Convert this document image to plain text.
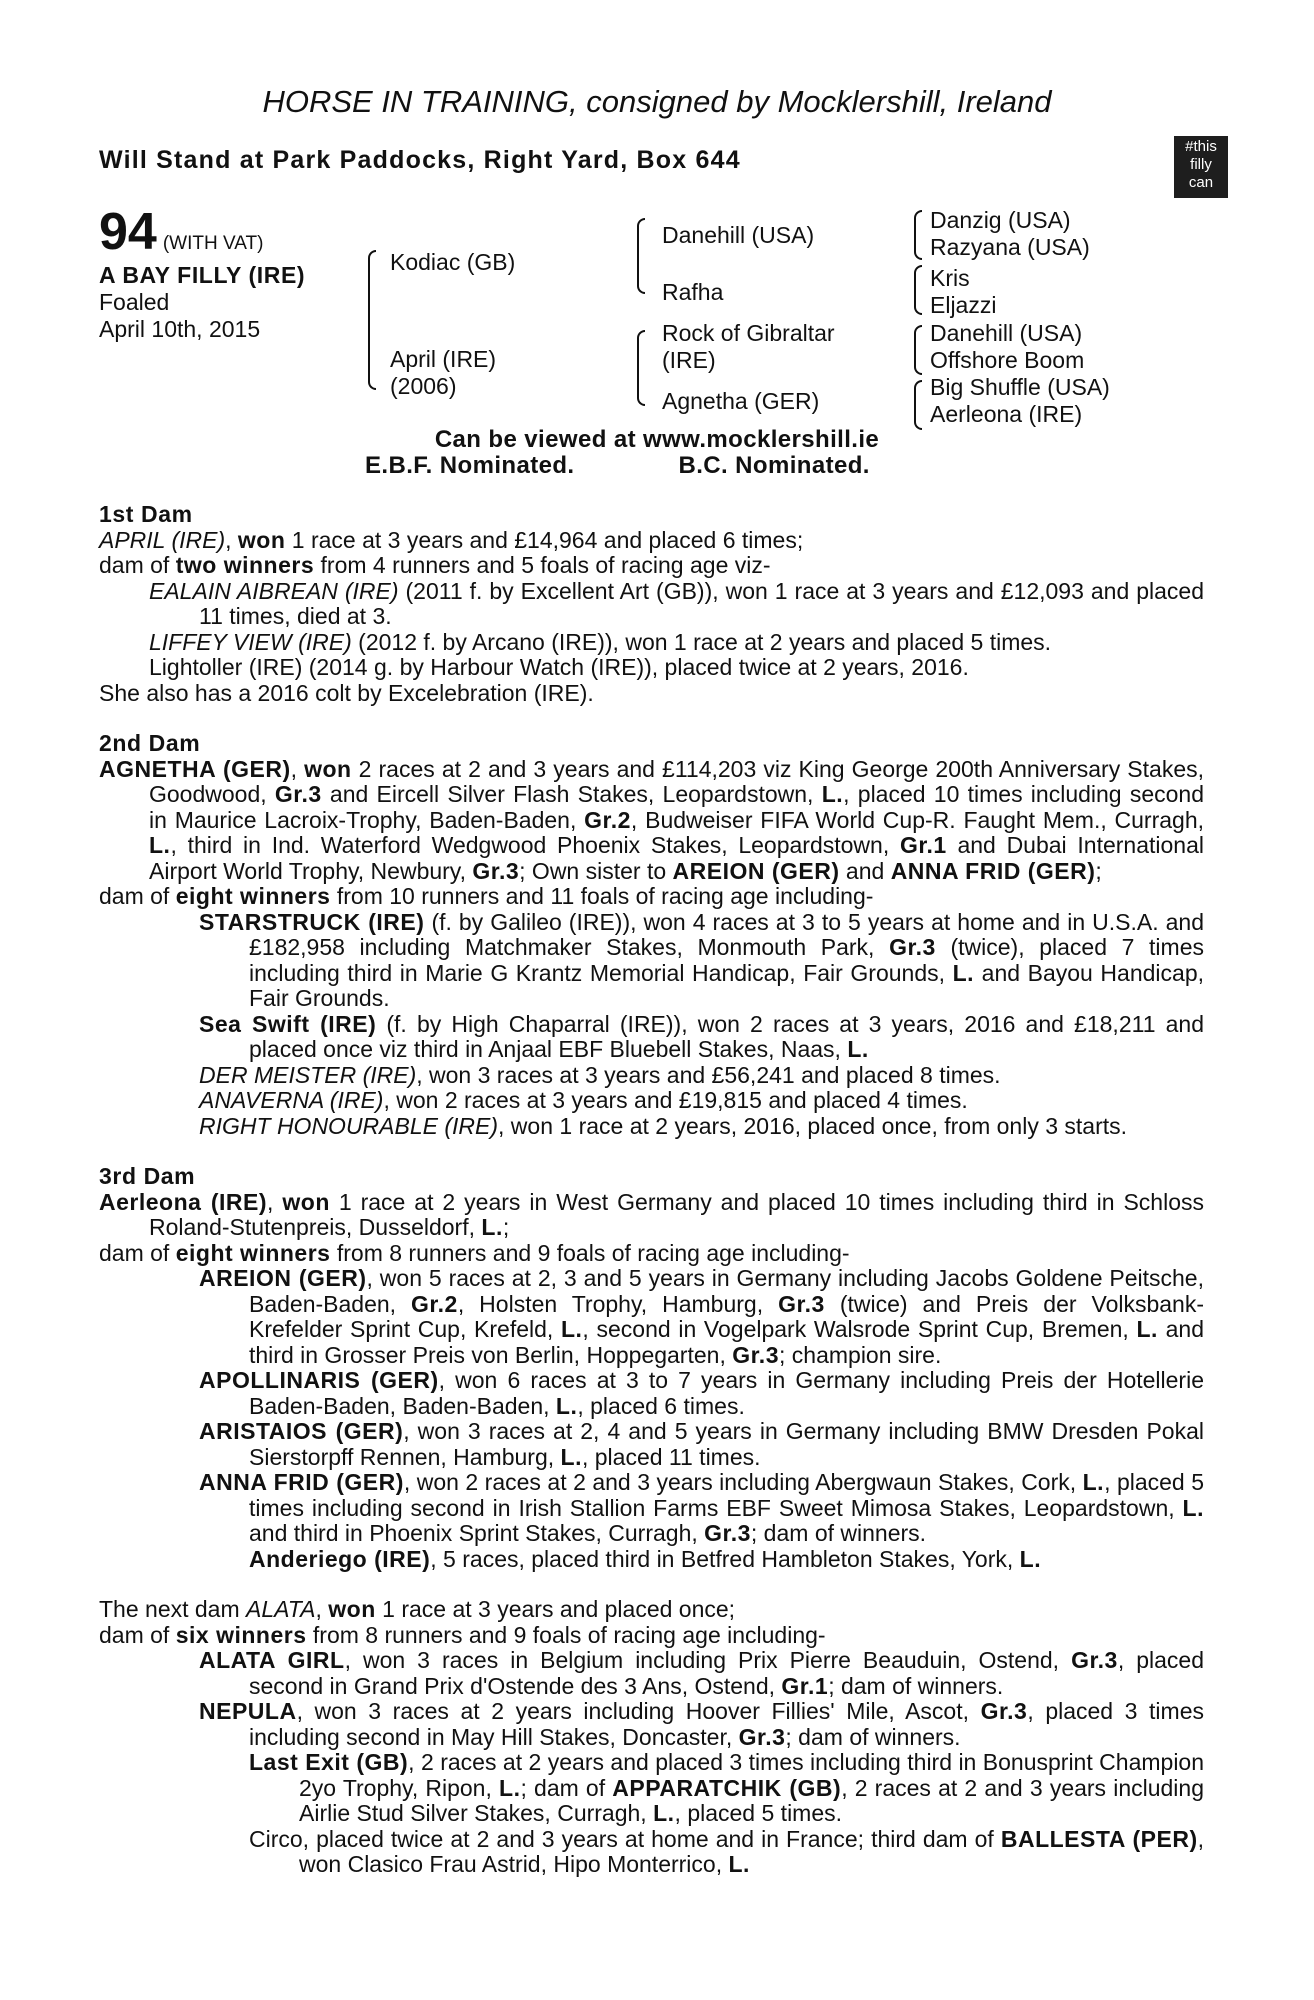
HORSE IN TRAINING, consigned by Mocklershill, Ireland
Will Stand at Park Paddocks, Right Yard, Box 644	#this
filly
can
94 (WITH VAT)
A BAY FILLY (IRE)
Foaled
April 10th, 2015
Kodiac (GB)
April (IRE)
(2006)
Danehill (USA)
Rafha
Rock of Gibraltar
(IRE)
Agnetha (GER)
Danzig (USA)
Razyana (USA)
Kris
Eljazzi
Danehill (USA)
Offshore Boom
Big Shuffle (USA)
Aerleona (IRE)
Can be viewed at www.mocklershill.ie
E.B.F. Nominated.	B.C. Nominated.

1st Dam

APRIL (IRE), won 1 race at 3 years and £14,964 and placed 6 times;

dam of two winners from 4 runners and 5 foals of racing age viz-

EALAIN AIBREAN (IRE) (2011 f. by Excellent Art (GB)), won 1 race at 3 years and £12,093 and placed 11 times, died at 3.

LIFFEY VIEW (IRE) (2012 f. by Arcano (IRE)), won 1 race at 2 years and placed 5 times.

Lightoller (IRE) (2014 g. by Harbour Watch (IRE)), placed twice at 2 years, 2016.

She also has a 2016 colt by Excelebration (IRE).

2nd Dam

AGNETHA (GER), won 2 races at 2 and 3 years and £114,203 viz King George 200th Anniversary Stakes, Goodwood, Gr.3 and Eircell Silver Flash Stakes, Leopardstown, L., placed 10 times including second in Maurice Lacroix-Trophy, Baden-Baden, Gr.2, Budweiser FIFA World Cup-R. Faught Mem., Curragh, L., third in Ind. Waterford Wedgwood Phoenix Stakes, Leopardstown, Gr.1 and Dubai International Airport World Trophy, Newbury, Gr.3; Own sister to AREION (GER) and ANNA FRID (GER);

dam of eight winners from 10 runners and 11 foals of racing age including-

STARSTRUCK (IRE) (f. by Galileo (IRE)), won 4 races at 3 to 5 years at home and in U.S.A. and £182,958 including Matchmaker Stakes, Monmouth Park, Gr.3 (twice), placed 7 times including third in Marie G Krantz Memorial Handicap, Fair Grounds, L. and Bayou Handicap, Fair Grounds.

Sea Swift (IRE) (f. by High Chaparral (IRE)), won 2 races at 3 years, 2016 and £18,211 and placed once viz third in Anjaal EBF Bluebell Stakes, Naas, L.

DER MEISTER (IRE), won 3 races at 3 years and £56,241 and placed 8 times.

ANAVERNA (IRE), won 2 races at 3 years and £19,815 and placed 4 times.

RIGHT HONOURABLE (IRE), won 1 race at 2 years, 2016, placed once, from only 3 starts.

3rd Dam

Aerleona (IRE), won 1 race at 2 years in West Germany and placed 10 times including third in Schloss Roland-Stutenpreis, Dusseldorf, L.;

dam of eight winners from 8 runners and 9 foals of racing age including-

AREION (GER), won 5 races at 2, 3 and 5 years in Germany including Jacobs Goldene Peitsche, Baden-Baden, Gr.2, Holsten Trophy, Hamburg, Gr.3 (twice) and Preis der Volksbank- Krefelder Sprint Cup, Krefeld, L., second in Vogelpark Walsrode Sprint Cup, Bremen, L. and third in Grosser Preis von Berlin, Hoppegarten, Gr.3; champion sire.

APOLLINARIS (GER), won 6 races at 3 to 7 years in Germany including Preis der Hotellerie Baden-Baden, Baden-Baden, L., placed 6 times.

ARISTAIOS (GER), won 3 races at 2, 4 and 5 years in Germany including BMW Dresden Pokal Sierstorpff Rennen, Hamburg, L., placed 11 times.

ANNA FRID (GER), won 2 races at 2 and 3 years including Abergwaun Stakes, Cork, L., placed 5 times including second in Irish Stallion Farms EBF Sweet Mimosa Stakes, Leopardstown, L. and third in Phoenix Sprint Stakes, Curragh, Gr.3; dam of winners.

Anderiego (IRE), 5 races, placed third in Betfred Hambleton Stakes, York, L.

The next dam ALATA, won 1 race at 3 years and placed once;

dam of six winners from 8 runners and 9 foals of racing age including-

ALATA GIRL, won 3 races in Belgium including Prix Pierre Beauduin, Ostend, Gr.3, placed second in Grand Prix d'Ostende des 3 Ans, Ostend, Gr.1; dam of winners.

NEPULA, won 3 races at 2 years including Hoover Fillies' Mile, Ascot, Gr.3, placed 3 times including second in May Hill Stakes, Doncaster, Gr.3; dam of winners.

Last Exit (GB), 2 races at 2 years and placed 3 times including third in Bonusprint Champion 2yo Trophy, Ripon, L.; dam of APPARATCHIK (GB), 2 races at 2 and 3 years including Airlie Stud Silver Stakes, Curragh, L., placed 5 times.

Circo, placed twice at 2 and 3 years at home and in France; third dam of BALLESTA (PER), won Clasico Frau Astrid, Hipo Monterrico, L.
